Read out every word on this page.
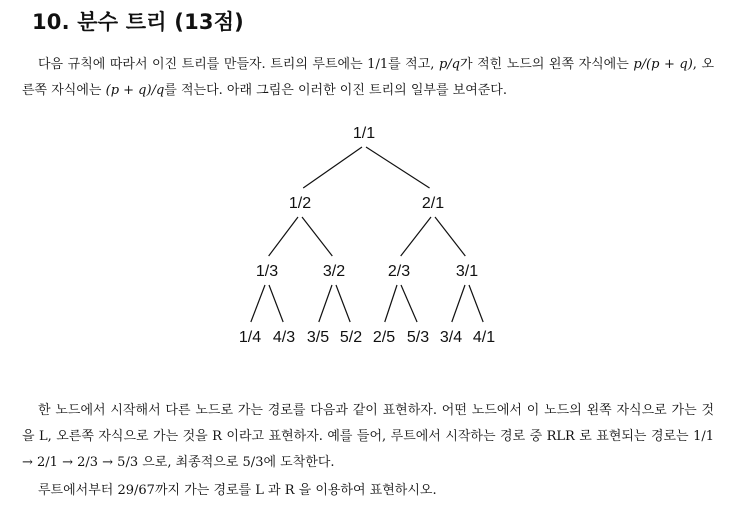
10. 분수 트리 (13점)

다음 규칙에 따라서 이진 트리를 만들자. 트리의 루트에는 1/1를 적고, p/q가 적힌 노드의 왼쪽 자식에는 p/(p + q), 오른쪽 자식에는 (p + q)/q를 적는다. 아래 그림은 이러한 이진 트리의 일부를 보여준다.

1/1
1/2	2/1
1/3	3/2	2/3	3/1
1/4 4/3 3/5 5/2 2/5 5/3 3/4 4/1

한 노드에서 시작해서 다른 노드로 가는 경로를 다음과 같이 표현하자. 어떤 노드에서 이 노드의 왼쪽 자식으로 가는 것을 L, 오른쪽 자식으로 가는 것을 R 이라고 표현하자. 예를 들어, 루트에서 시작하는 경로 중 RLR 로 표현되는 경로는 1/1 → 2/1 → 2/3 → 5/3 으로, 최종적으로 5/3에 도착한다.

루트에서부터 29/67까지 가는 경로를 L 과 R 을 이용하여 표현하시오.
